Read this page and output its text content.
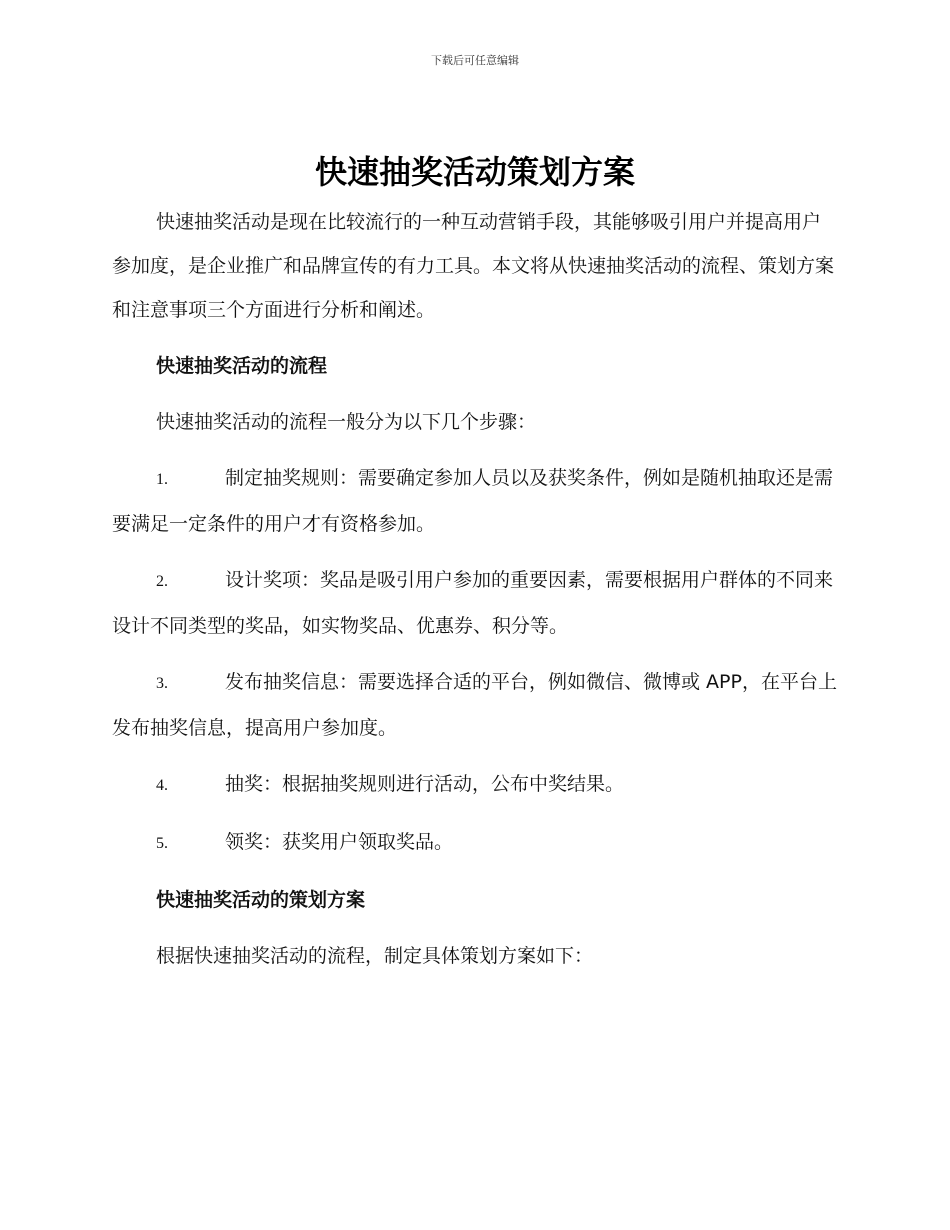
下载后可任意编辑
快速抽奖活动策划方案

快速抽奖活动是现在比较流行的一种互动营销手段，其能够吸引用户并提高用户参加度，是企业推广和品牌宣传的有力工具。本文将从快速抽奖活动的流程、策划方案和注意事项三个方面进行分析和阐述。

快速抽奖活动的流程

快速抽奖活动的流程一般分为以下几个步骤：

1.	制定抽奖规则：需要确定参加人员以及获奖条件，例如是随机抽取还是需要满足一定条件的用户才有资格参加。

2.	设计奖项：奖品是吸引用户参加的重要因素，需要根据用户群体的不同来设计不同类型的奖品，如实物奖品、优惠券、积分等。

3.	发布抽奖信息：需要选择合适的平台，例如微信、微博或 APP，在平台上发布抽奖信息，提高用户参加度。

4.	抽奖：根据抽奖规则进行活动，公布中奖结果。

5.	领奖：获奖用户领取奖品。

快速抽奖活动的策划方案

根据快速抽奖活动的流程，制定具体策划方案如下：
